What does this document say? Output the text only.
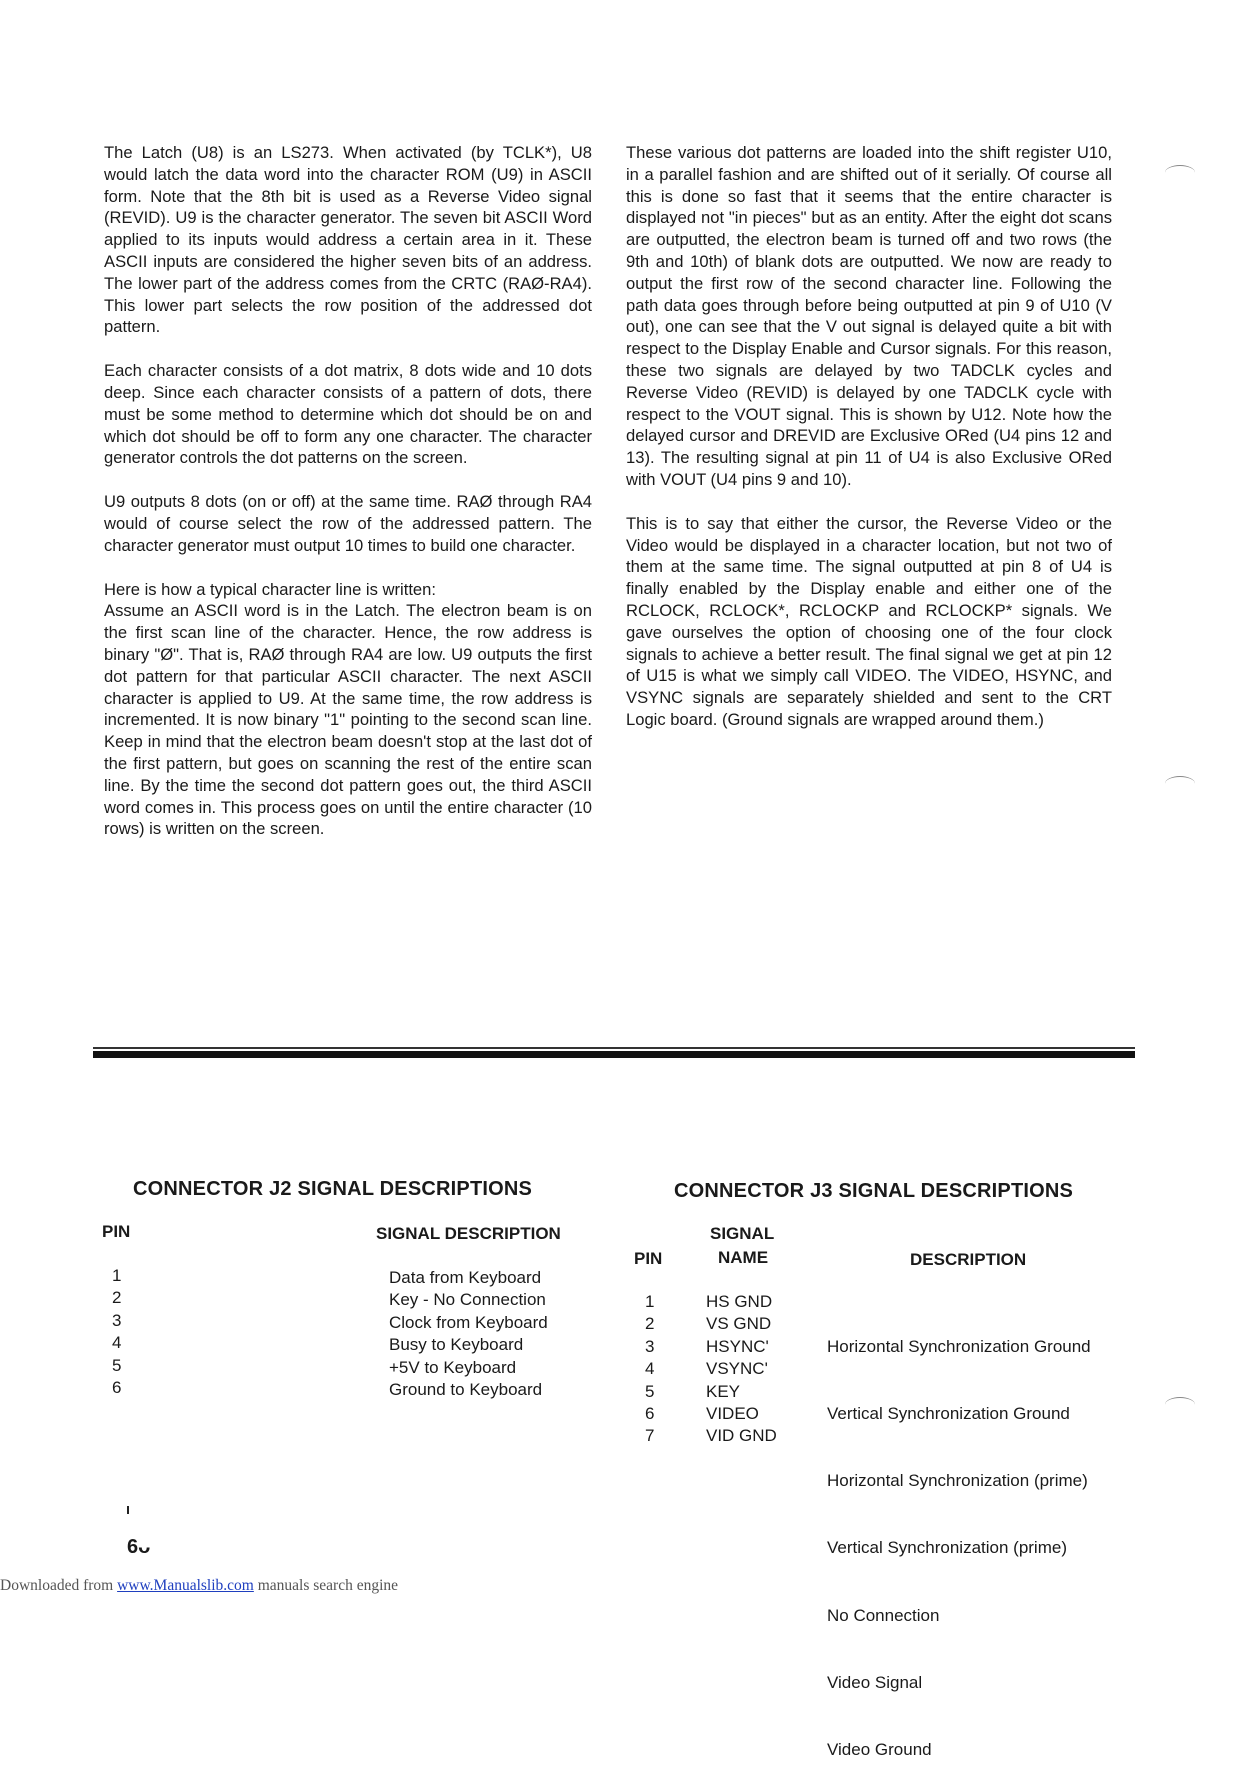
The Latch (U8) is an LS273. When activated (by TCLK*), U8 would latch the data word into the character ROM (U9) in ASCII form. Note that the 8th bit is used as a Reverse Video signal (REVID). U9 is the character generator. The seven bit ASCII Word applied to its inputs would address a certain area in it. These ASCII inputs are considered the higher seven bits of an address. The lower part of the address comes from the CRTC (RAØ-RA4). This lower part selects the row position of the addressed dot pattern.

Each character consists of a dot matrix, 8 dots wide and 10 dots deep. Since each character consists of a pattern of dots, there must be some method to determine which dot should be on and which dot should be off to form any one character. The character generator controls the dot patterns on the screen.

U9 outputs 8 dots (on or off) at the same time. RAØ through RA4 would of course select the row of the addressed pattern. The character generator must output 10 times to build one character.

Here is how a typical character line is written:

Assume an ASCII word is in the Latch. The electron beam is on the first scan line of the character. Hence, the row address is binary "Ø". That is, RAØ through RA4 are low. U9 outputs the first dot pattern for that particular ASCII character. The next ASCII character is applied to U9. At the same time, the row address is incremented. It is now binary "1" pointing to the second scan line. Keep in mind that the electron beam doesn't stop at the last dot of the first pattern, but goes on scanning the rest of the entire scan line. By the time the second dot pattern goes out, the third ASCII word comes in. This process goes on until the entire character (10 rows) is written on the screen.

These various dot patterns are loaded into the shift register U10, in a parallel fashion and are shifted out of it serially. Of course all this is done so fast that it seems that the entire character is displayed not "in pieces" but as an entity. After the eight dot scans are outputted, the electron beam is turned off and two rows (the 9th and 10th) of blank dots are outputted. We now are ready to output the first row of the second character line. Following the path data goes through before being outputted at pin 9 of U10 (V out), one can see that the V out signal is delayed quite a bit with respect to the Display Enable and Cursor signals. For this reason, these two signals are delayed by two TADCLK cycles and Reverse Video (REVID) is delayed by one TADCLK cycle with respect to the VOUT signal. This is shown by U12. Note how the delayed cursor and DREVID are Exclusive ORed (U4 pins 12 and 13). The resulting signal at pin 11 of U4 is also Exclusive ORed with VOUT (U4 pins 9 and 10).

This is to say that either the cursor, the Reverse Video or the Video would be displayed in a character location, but not two of them at the same time. The signal outputted at pin 8 of U4 is finally enabled by the Display enable and either one of the RCLOCK, RCLOCK*, RCLOCKP and RCLOCKP* signals. We gave ourselves the option of choosing one of the four clock signals to achieve a better result. The final signal we get at pin 12 of U15 is what we simply call VIDEO. The VIDEO, HSYNC, and VSYNC signals are separately shielded and sent to the CRT Logic board. (Ground signals are wrapped around them.)

CONNECTOR J2 SIGNAL DESCRIPTIONS
PIN	SIGNAL DESCRIPTION
1
2
3
4
5
6
Data from Keyboard
Key - No Connection
Clock from Keyboard
Busy to Keyboard
+5V to Keyboard
Ground to Keyboard
CONNECTOR J3 SIGNAL DESCRIPTIONS
SIGNAL
NAME
PIN	DESCRIPTION
1
2
3
4
5
6
7
HS GND
VS GND
HSYNC'
VSYNC'
KEY
VIDEO
VID GND

Horizontal Synchronization Ground

Vertical Synchronization Ground

Horizontal Synchronization (prime)

Vertical Synchronization (prime)

No Connection

Video Signal

Video Ground

6ᴗ
Downloaded from www.Manualslib.com manuals search engine
